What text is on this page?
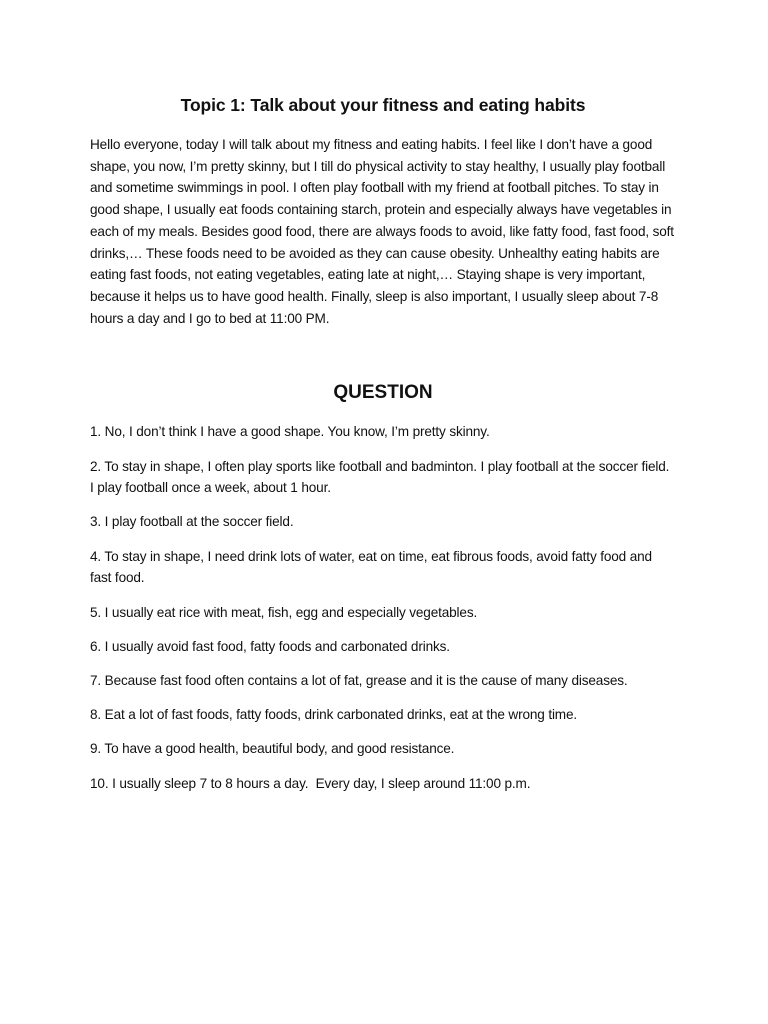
Topic 1: Talk about your fitness and eating habits

Hello everyone, today I will talk about my fitness and eating habits. I feel like I don’t have a good shape, you now, I’m pretty skinny, but I till do physical activity to stay healthy, I usually play football and sometime swimmings in pool. I often play football with my friend at football pitches. To stay in good shape, I usually eat foods containing starch, protein and especially always have vegetables in each of my meals. Besides good food, there are always foods to avoid, like fatty food, fast food, soft drinks,… These foods need to be avoided as they can cause obesity. Unhealthy eating habits are eating fast foods, not eating vegetables, eating late at night,… Staying shape is very important, because it helps us to have good health. Finally, sleep is also important, I usually sleep about 7-8 hours a day and I go to bed at 11:00 PM.

QUESTION
1. No, I don’t think I have a good shape. You know, I’m pretty skinny.
2. To stay in shape, I often play sports like football and badminton. I play football at the soccer field. I play football once a week, about 1 hour.
3. I play football at the soccer field.
4. To stay in shape, I need drink lots of water, eat on time, eat fibrous foods, avoid fatty food and fast food.
5. I usually eat rice with meat, fish, egg and especially vegetables.
6. I usually avoid fast food, fatty foods and carbonated drinks.
7. Because fast food often contains a lot of fat, grease and it is the cause of many diseases.
8. Eat a lot of fast foods, fatty foods, drink carbonated drinks, eat at the wrong time.
9. To have a good health, beautiful body, and good resistance.
10. I usually sleep 7 to 8 hours a day.  Every day, I sleep around 11:00 p.m.
